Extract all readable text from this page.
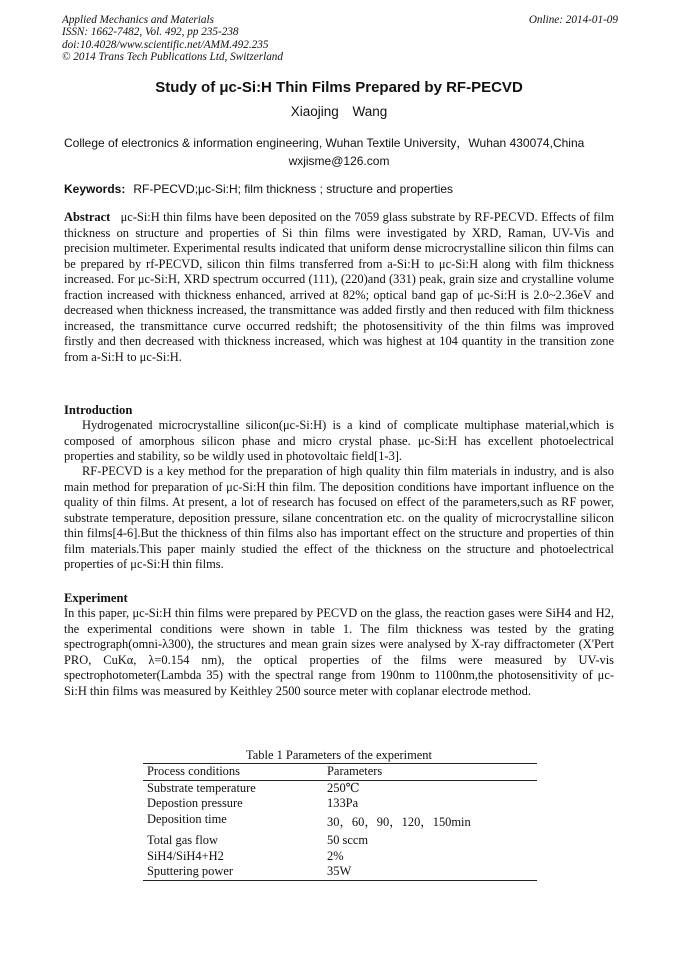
Applied Mechanics and Materials
ISSN: 1662-7482, Vol. 492, pp 235-238
doi:10.4028/www.scientific.net/AMM.492.235
© 2014 Trans Tech Publications Ltd, Switzerland
Online: 2014-01-09
Study of μc-Si:H Thin Films Prepared by RF-PECVD
Xiaojing Wang
College of electronics & information engineering, Wuhan Textile University，Wuhan 430074,China
wxjisme@126.com
Keywords: RF-PECVD;μc-Si:H; film thickness ; structure and properties

Abstract μc-Si:H thin films have been deposited on the 7059 glass substrate by RF-PECVD. Effects of film thickness on structure and properties of Si thin films were investigated by XRD, Raman, UV-Vis and precision multimeter. Experimental results indicated that uniform dense microcrystalline silicon thin films can be prepared by rf-PECVD, silicon thin films transferred from a-Si:H to μc-Si:H along with film thickness increased. For μc-Si:H, XRD spectrum occurred (111), (220)and (331) peak, grain size and crystalline volume fraction increased with thickness enhanced, arrived at 82%; optical band gap of μc-Si:H is 2.0~2.36eV and decreased when thickness increased, the transmittance was added firstly and then reduced with film thickness increased, the transmittance curve occurred redshift; the photosensitivity of the thin films was improved firstly and then decreased with thickness increased, which was highest at 104 quantity in the transition zone from a-Si:H to μc-Si:H.

Introduction

Hydrogenated microcrystalline silicon(μc-Si:H) is a kind of complicate multiphase material,which is composed of amorphous silicon phase and micro crystal phase. μc-Si:H has excellent photoelectrical properties and stability, so be wildly used in photovoltaic field[1-3].

RF-PECVD is a key method for the preparation of high quality thin film materials in industry, and is also main method for preparation of μc-Si:H thin film. The deposition conditions have important influence on the quality of thin films. At present, a lot of research has focused on effect of the parameters,such as RF power, substrate temperature, deposition pressure, silane concentration etc. on the quality of microcrystalline silicon thin films[4-6].But the thickness of thin films also has important effect on the structure and properties of thin film materials.This paper mainly studied the effect of the thickness on the structure and photoelectrical properties of μc-Si:H thin films.

Experiment

In this paper, μc-Si:H thin films were prepared by PECVD on the glass, the reaction gases were SiH4 and H2, the experimental conditions were shown in table 1. The film thickness was tested by the grating spectrograph(omni-λ300), the structures and mean grain sizes were analysed by X-ray diffractometer (X'Pert PRO, CuKα, λ=0.154 nm), the optical properties of the films were measured by UV-vis spectrophotometer(Lambda 35) with the spectral range from 190nm to 1100nm,the photosensitivity of μc-Si:H thin films was measured by Keithley 2500 source meter with coplanar electrode method.

Table 1 Parameters of the experiment
Process conditions	Parameters
Substrate temperature	250℃
Depostion pressure	133Pa
Deposition time	30，60，90，120，150min
Total gas flow	50 sccm
SiH4/SiH4+H2	2%
Sputtering power	35W
